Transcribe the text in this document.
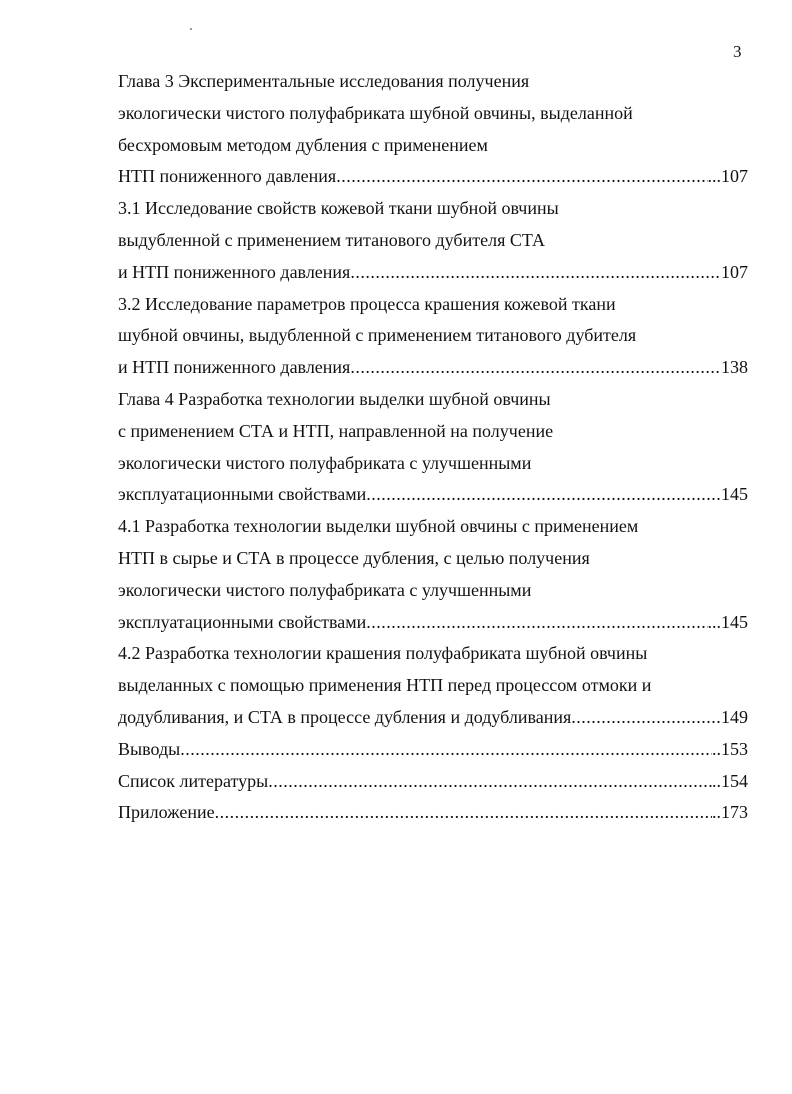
3
Глава 3 Экспериментальные исследования получения
экологически чистого полуфабриката шубной овчины, выделанной
бесхромовым методом дубления с применением
НТП пониженного давления .....	...107
3.1 Исследование свойств кожевой ткани шубной овчины
выдубленной с применением титанового дубителя СТА
и НТП пониженного давления .....	107
3.2 Исследование параметров процесса крашения кожевой ткани
шубной овчины, выдубленной с применением титанового дубителя
и НТП пониженного давления .....	138
Глава 4 Разработка технологии выделки шубной овчины
с применением СТА и НТП, направленной на получение
экологически чистого полуфабриката с улучшенными
эксплуатационными свойствами .....	145
4.1 Разработка технологии выделки шубной овчины с применением
НТП в сырье и СТА в процессе дубления, с целью получения
экологически чистого полуфабриката с улучшенными
эксплуатационными свойствами .....	...145
4.2 Разработка технологии крашения полуфабриката шубной овчины
выделанных с помощью применения НТП перед процессом отмоки и
додубливания, и СТА в процессе дубления и додубливания .....	149
Выводы .....	..153
Список литературы .....	..154
Приложение .....	..173
